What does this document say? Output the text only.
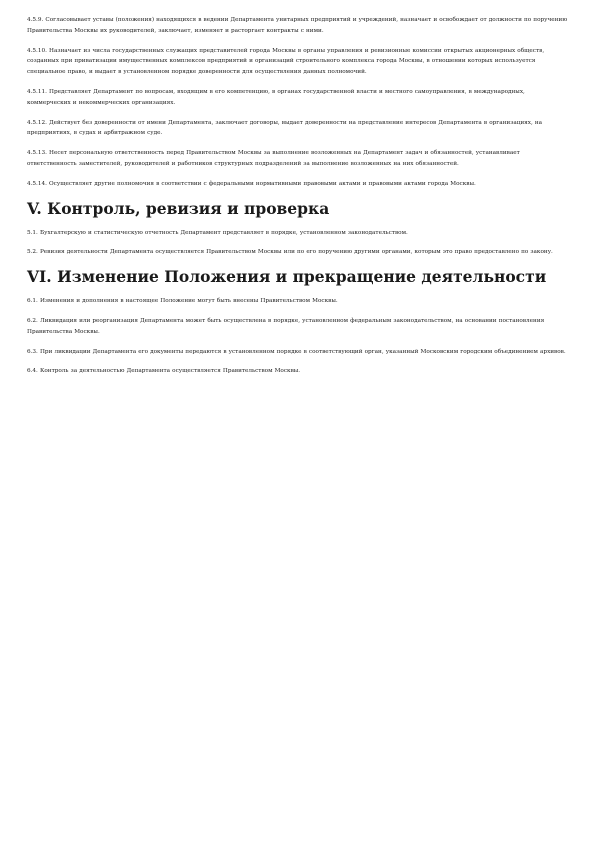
4.5.9. Согласовывает уставы (положения) находящихся в ведении Департамента унитарных предприятий и учреждений, назначает и освобождает от должности по поручению Правительства Москвы их руководителей, заключает, изменяет и расторгает контракты с ними.

4.5.10. Назначает из числа государственных служащих представителей города Москвы в органы управления и ревизионные комиссии открытых акционерных обществ, созданных при приватизации имущественных комплексов предприятий и организаций строительного комплекса города Москвы, в отношении которых используется специальное право, и выдает в установленном порядке доверенности для осуществления данных полномочий.

4.5.11. Представляет Департамент по вопросам, входящим в его компетенцию, в органах государственной власти и местного самоуправления, в международных, коммерческих и некоммерческих организациях.

4.5.12. Действует без доверенности от имени Департамента, заключает договоры, выдает доверенности на представление интересов Департамента в организациях, на предприятиях, в судах и арбитражном суде.

4.5.13. Несет персональную ответственность перед Правительством Москвы за выполнение возложенных на Департамент задач и обязанностей, устанавливает ответственность заместителей, руководителей и работников структурных подразделений за выполнение возложенных на них обязанностей.

4.5.14. Осуществляет другие полномочия в соответствии с федеральными нормативными правовыми актами и правовыми актами города Москвы.

V. Контроль, ревизия и проверка

5.1. Бухгалтерскую и статистическую отчетность Департамент представляет в порядке, установленном законодательством.

5.2. Ревизия деятельности Департамента осуществляется Правительством Москвы или по его поручению другими органами, которым это право предоставлено по закону.

VI. Изменение Положения и прекращение деятельности

6.1. Изменения и дополнения в настоящее Положение могут быть внесены Правительством Москвы.

6.2. Ликвидация или реорганизация Департамента может быть осуществлена в порядке, установленном федеральным законодательством, на основании постановления Правительства Москвы.

6.3. При ликвидации Департамента его документы передаются в установленном порядке в соответствующий орган, указанный Московским городским объединением архивов.

6.4. Контроль за деятельностью Департамента осуществляется Правительством Москвы.
